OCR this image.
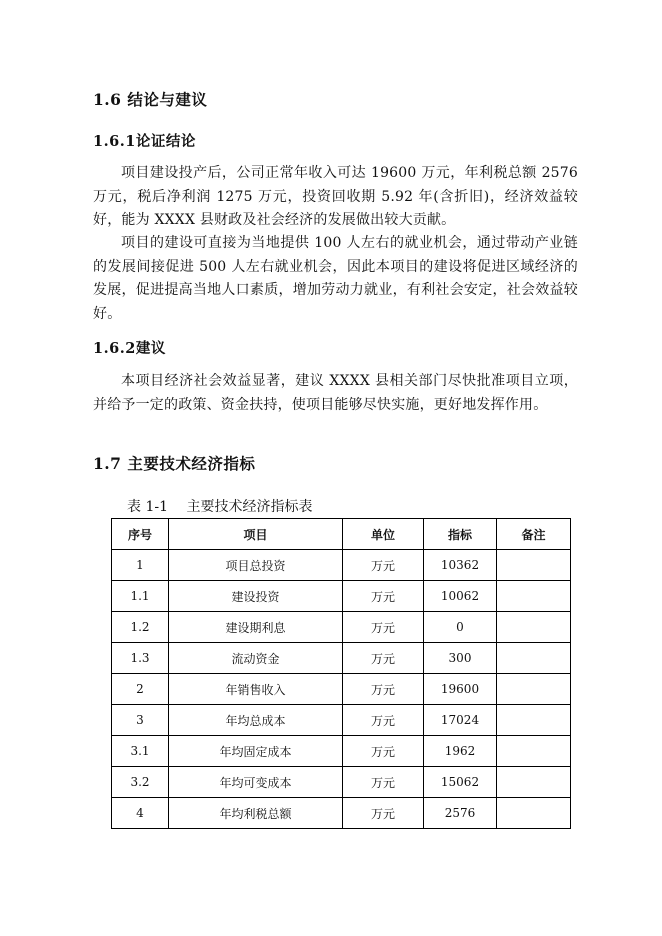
1.6 结论与建议
1.6.1论证结论
项目建设投产后，公司正常年收入可达 19600 万元，年利税总额 2576 万元，税后净利润 1275 万元，投资回收期 5.92 年(含折旧)，经济效益较好，能为 XXXX 县财政及社会经济的发展做出较大贡献。
项目的建设可直接为当地提供 100 人左右的就业机会，通过带动产业链的发展间接促进 500 人左右就业机会，因此本项目的建设将促进区域经济的发展，促进提高当地人口素质，增加劳动力就业，有利社会安定，社会效益较好。
1.6.2建议
本项目经济社会效益显著，建议 XXXX 县相关部门尽快批准项目立项，并给予一定的政策、资金扶持，使项目能够尽快实施，更好地发挥作用。
1.7 主要技术经济指标
表 1-1 主要技术经济指标表
序号	项目	单位	指标	备注
1	项目总投资	万元	10362	
1.1	建设投资	万元	10062	
1.2	建设期利息	万元	0	
1.3	流动资金	万元	300	
2	年销售收入	万元	19600	
3	年均总成本	万元	17024	
3.1	年均固定成本	万元	1962	
3.2	年均可变成本	万元	15062	
4	年均利税总额	万元	2576	
